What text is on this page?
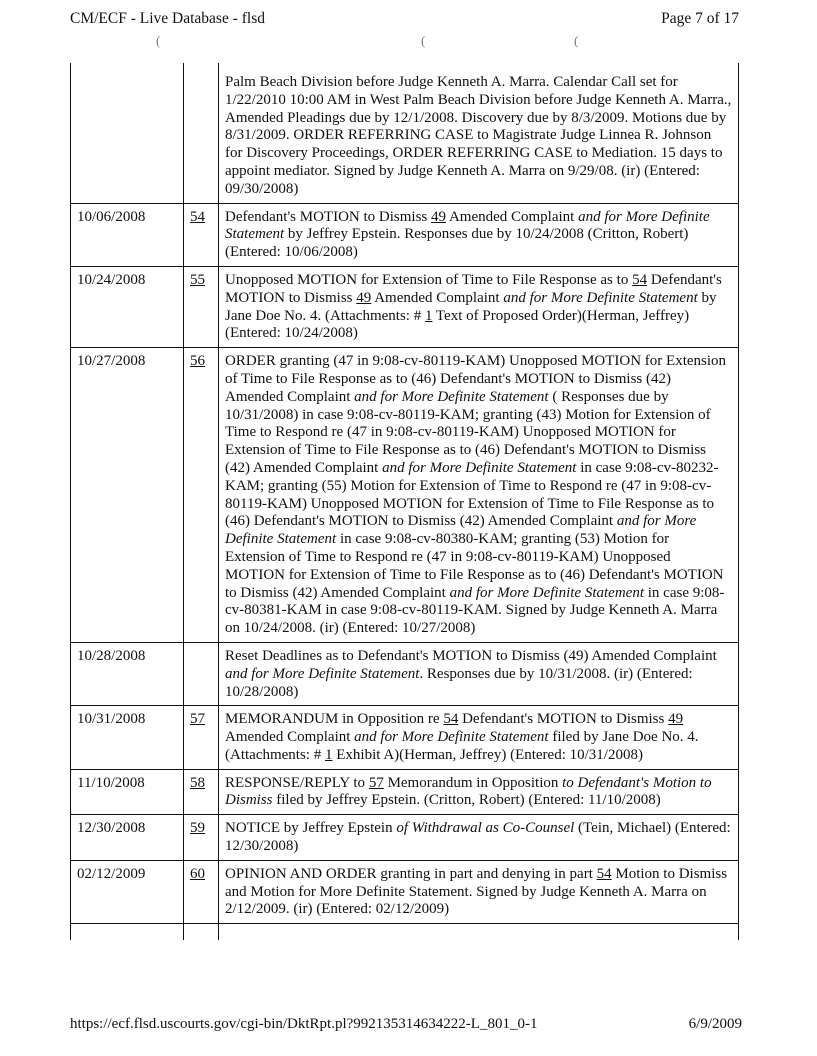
CM/ECF - Live Database - flsd	Page 7 of 17
(	(	(
		Palm Beach Division before Judge Kenneth A. Marra. Calendar Call set for 1/22/2010 10:00 AM in West Palm Beach Division before Judge Kenneth A. Marra., Amended Pleadings due by 12/1/2008. Discovery due by 8/3/2009. Motions due by 8/31/2009. ORDER REFERRING CASE to Magistrate Judge Linnea R. Johnson for Discovery Proceedings, ORDER REFERRING CASE to Mediation. 15 days to appoint mediator. Signed by Judge Kenneth A. Marra on 9/29/08. (ir) (Entered: 09/30/2008)
10/06/2008	54	Defendant's MOTION to Dismiss 49 Amended Complaint and for More Definite Statement by Jeffrey Epstein. Responses due by 10/24/2008 (Critton, Robert) (Entered: 10/06/2008)
10/24/2008	55	Unopposed MOTION for Extension of Time to File Response as to 54 Defendant's MOTION to Dismiss 49 Amended Complaint and for More Definite Statement by Jane Doe No. 4. (Attachments: # 1 Text of Proposed Order)(Herman, Jeffrey) (Entered: 10/24/2008)
10/27/2008	56	ORDER granting (47 in 9:08-cv-80119-KAM) Unopposed MOTION for Extension of Time to File Response as to (46) Defendant's MOTION to Dismiss (42) Amended Complaint and for More Definite Statement ( Responses due by 10/31/2008) in case 9:08-cv-80119-KAM; granting (43) Motion for Extension of Time to Respond re (47 in 9:08-cv-80119-KAM) Unopposed MOTION for Extension of Time to File Response as to (46) Defendant's MOTION to Dismiss (42) Amended Complaint and for More Definite Statement in case 9:08-cv-80232-KAM; granting (55) Motion for Extension of Time to Respond re (47 in 9:08-cv-80119-KAM) Unopposed MOTION for Extension of Time to File Response as to (46) Defendant's MOTION to Dismiss (42) Amended Complaint and for More Definite Statement in case 9:08-cv-80380-KAM; granting (53) Motion for Extension of Time to Respond re (47 in 9:08-cv-80119-KAM) Unopposed MOTION for Extension of Time to File Response as to (46) Defendant's MOTION to Dismiss (42) Amended Complaint and for More Definite Statement in case 9:08-cv-80381-KAM in case 9:08-cv-80119-KAM. Signed by Judge Kenneth A. Marra on 10/24/2008. (ir) (Entered: 10/27/2008)
10/28/2008		Reset Deadlines as to Defendant's MOTION to Dismiss (49) Amended Complaint and for More Definite Statement. Responses due by 10/31/2008. (ir) (Entered: 10/28/2008)
10/31/2008	57	MEMORANDUM in Opposition re 54 Defendant's MOTION to Dismiss 49 Amended Complaint and for More Definite Statement filed by Jane Doe No. 4. (Attachments: # 1 Exhibit A)(Herman, Jeffrey) (Entered: 10/31/2008)
11/10/2008	58	RESPONSE/REPLY to 57 Memorandum in Opposition to Defendant's Motion to Dismiss filed by Jeffrey Epstein. (Critton, Robert) (Entered: 11/10/2008)
12/30/2008	59	NOTICE by Jeffrey Epstein of Withdrawal as Co-Counsel (Tein, Michael) (Entered: 12/30/2008)
02/12/2009	60	OPINION AND ORDER granting in part and denying in part 54 Motion to Dismiss and Motion for More Definite Statement. Signed by Judge Kenneth A. Marra on 2/12/2009. (ir) (Entered: 02/12/2009)

https://ecf.flsd.uscourts.gov/cgi-bin/DktRpt.pl?992135314634222-L_801_0-1	6/9/2009
